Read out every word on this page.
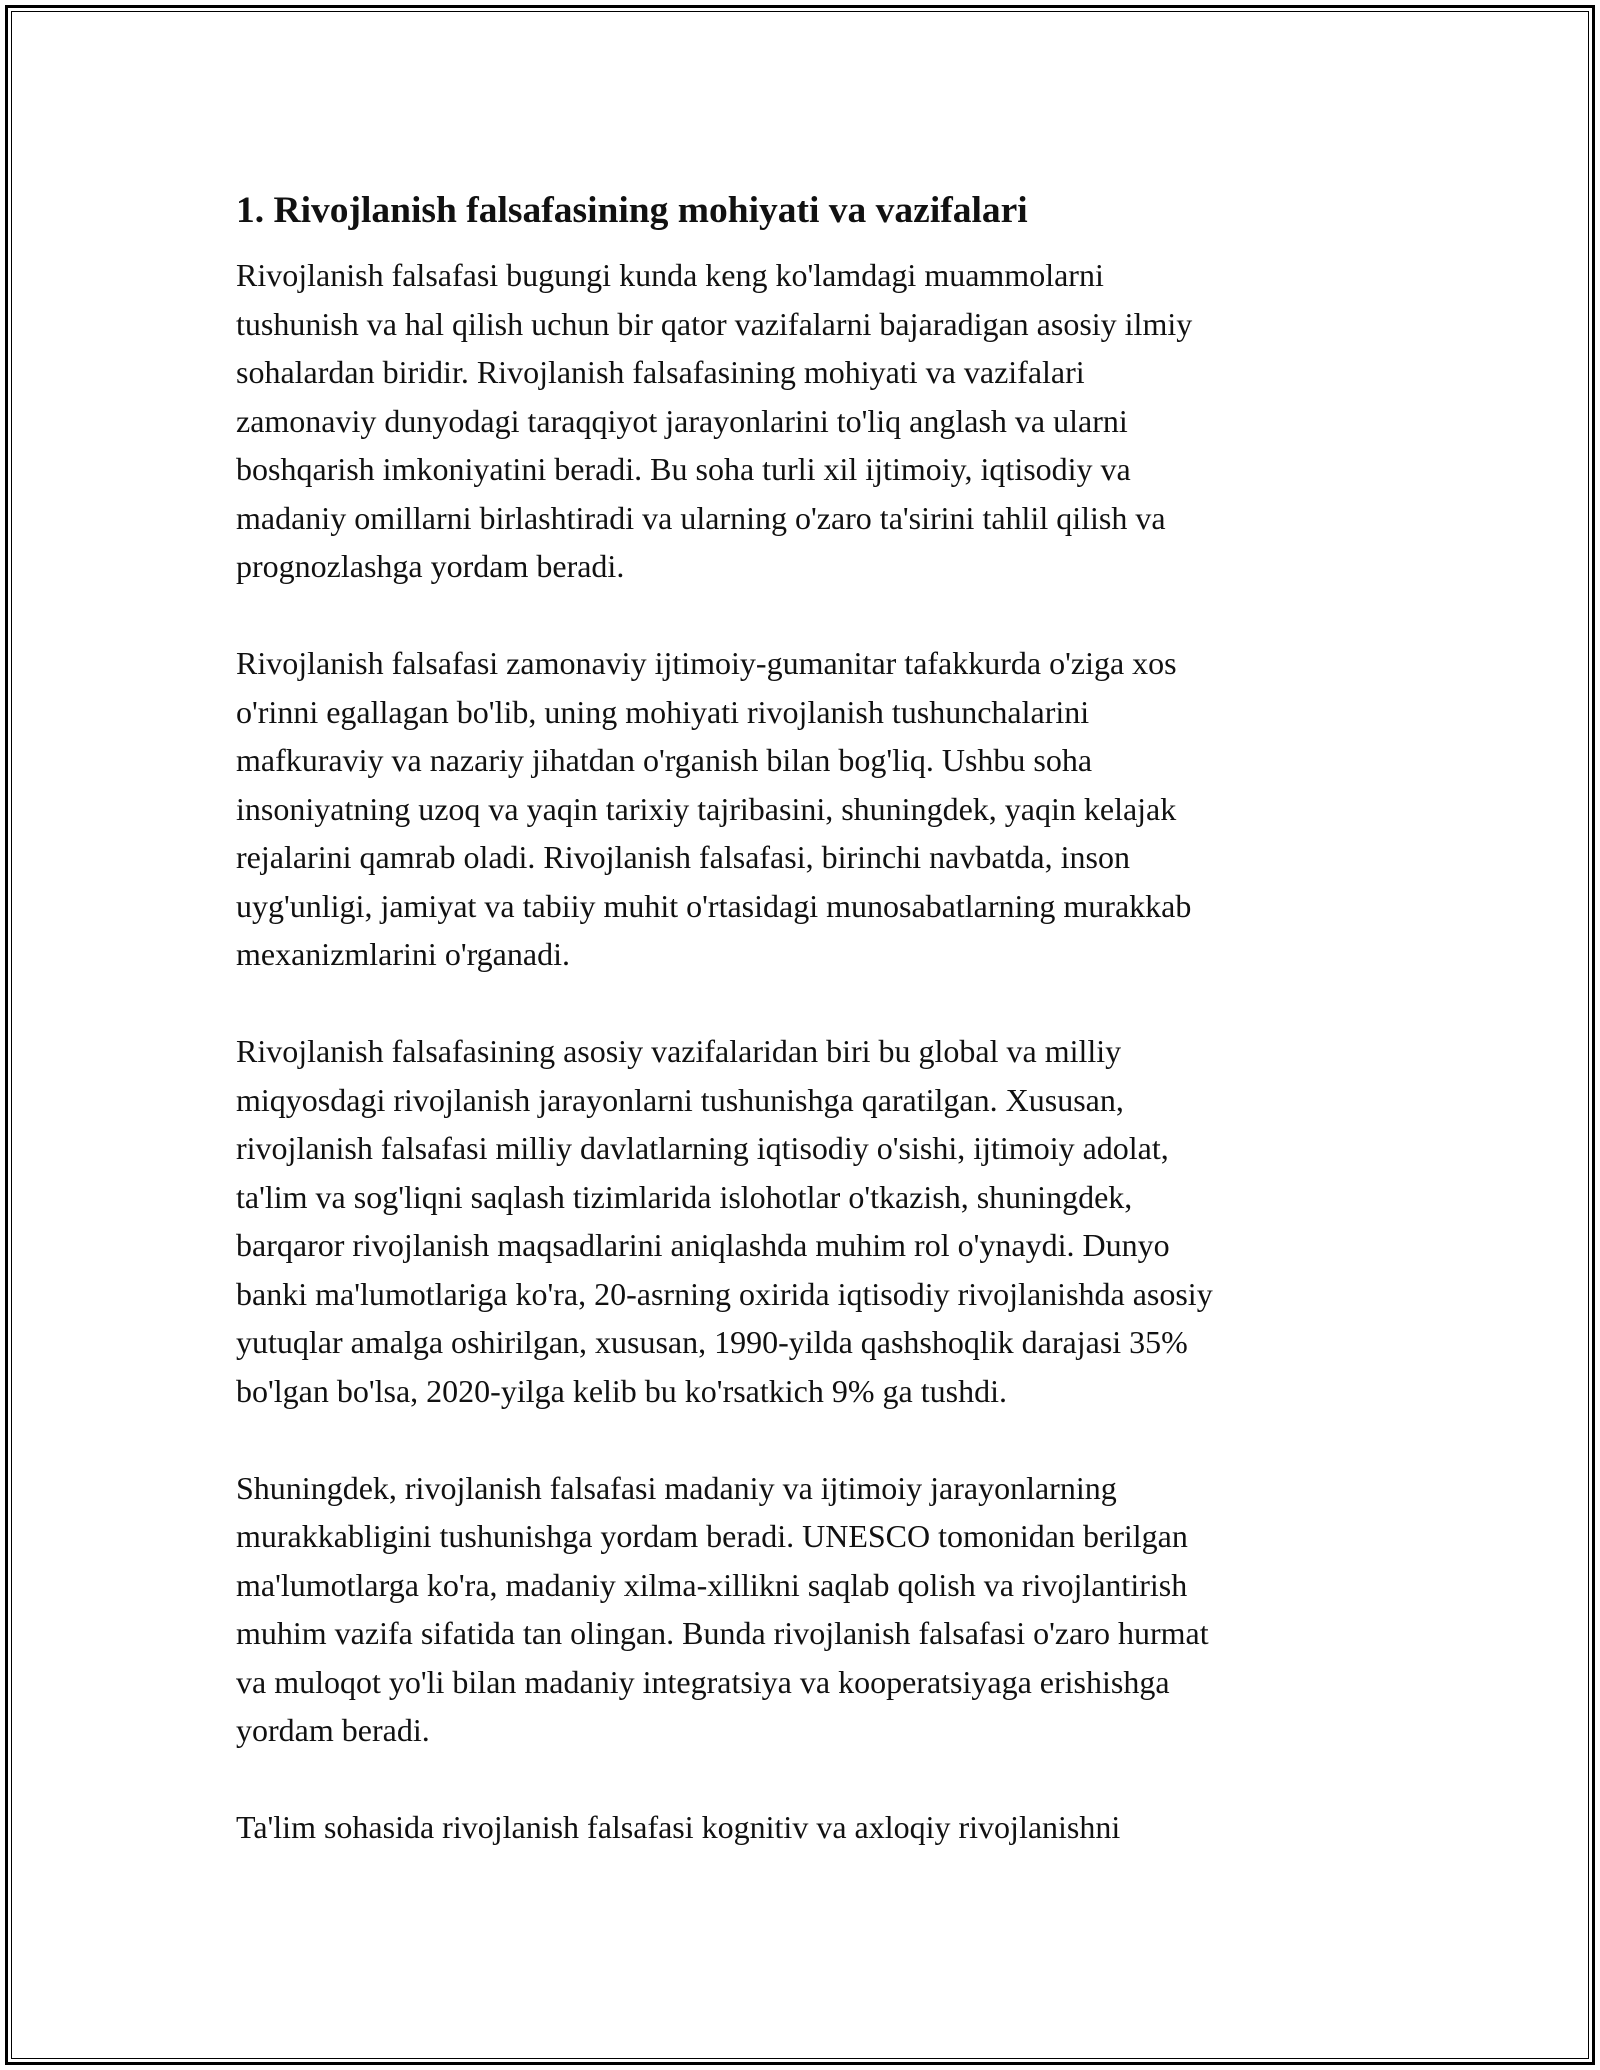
1. Rivojlanish falsafasining mohiyati va vazifalari

Rivojlanish falsafasi bugungi kunda keng ko'lamdagi muammolarni
tushunish va hal qilish uchun bir qator vazifalarni bajaradigan asosiy ilmiy
sohalardan biridir. Rivojlanish falsafasining mohiyati va vazifalari
zamonaviy dunyodagi taraqqiyot jarayonlarini to'liq anglash va ularni
boshqarish imkoniyatini beradi. Bu soha turli xil ijtimoiy, iqtisodiy va
madaniy omillarni birlashtiradi va ularning o'zaro ta'sirini tahlil qilish va
prognozlashga yordam beradi.

Rivojlanish falsafasi zamonaviy ijtimoiy-gumanitar tafakkurda o'ziga xos
o'rinni egallagan bo'lib, uning mohiyati rivojlanish tushunchalarini
mafkuraviy va nazariy jihatdan o'rganish bilan bog'liq. Ushbu soha
insoniyatning uzoq va yaqin tarixiy tajribasini, shuningdek, yaqin kelajak
rejalarini qamrab oladi. Rivojlanish falsafasi, birinchi navbatda, inson
uyg'unligi, jamiyat va tabiiy muhit o'rtasidagi munosabatlarning murakkab
mexanizmlarini o'rganadi.

Rivojlanish falsafasining asosiy vazifalaridan biri bu global va milliy
miqyosdagi rivojlanish jarayonlarni tushunishga qaratilgan. Xususan,
rivojlanish falsafasi milliy davlatlarning iqtisodiy o'sishi, ijtimoiy adolat,
ta'lim va sog'liqni saqlash tizimlarida islohotlar o'tkazish, shuningdek,
barqaror rivojlanish maqsadlarini aniqlashda muhim rol o'ynaydi. Dunyo
banki ma'lumotlariga ko'ra, 20-asrning oxirida iqtisodiy rivojlanishda asosiy
yutuqlar amalga oshirilgan, xususan, 1990-yilda qashshoqlik darajasi 35%
bo'lgan bo'lsa, 2020-yilga kelib bu ko'rsatkich 9% ga tushdi.

Shuningdek, rivojlanish falsafasi madaniy va ijtimoiy jarayonlarning
murakkabligini tushunishga yordam beradi. UNESCO tomonidan berilgan
ma'lumotlarga ko'ra, madaniy xilma-xillikni saqlab qolish va rivojlantirish
muhim vazifa sifatida tan olingan. Bunda rivojlanish falsafasi o'zaro hurmat
va muloqot yo'li bilan madaniy integratsiya va kooperatsiyaga erishishga
yordam beradi.

Ta'lim sohasida rivojlanish falsafasi kognitiv va axloqiy rivojlanishni
